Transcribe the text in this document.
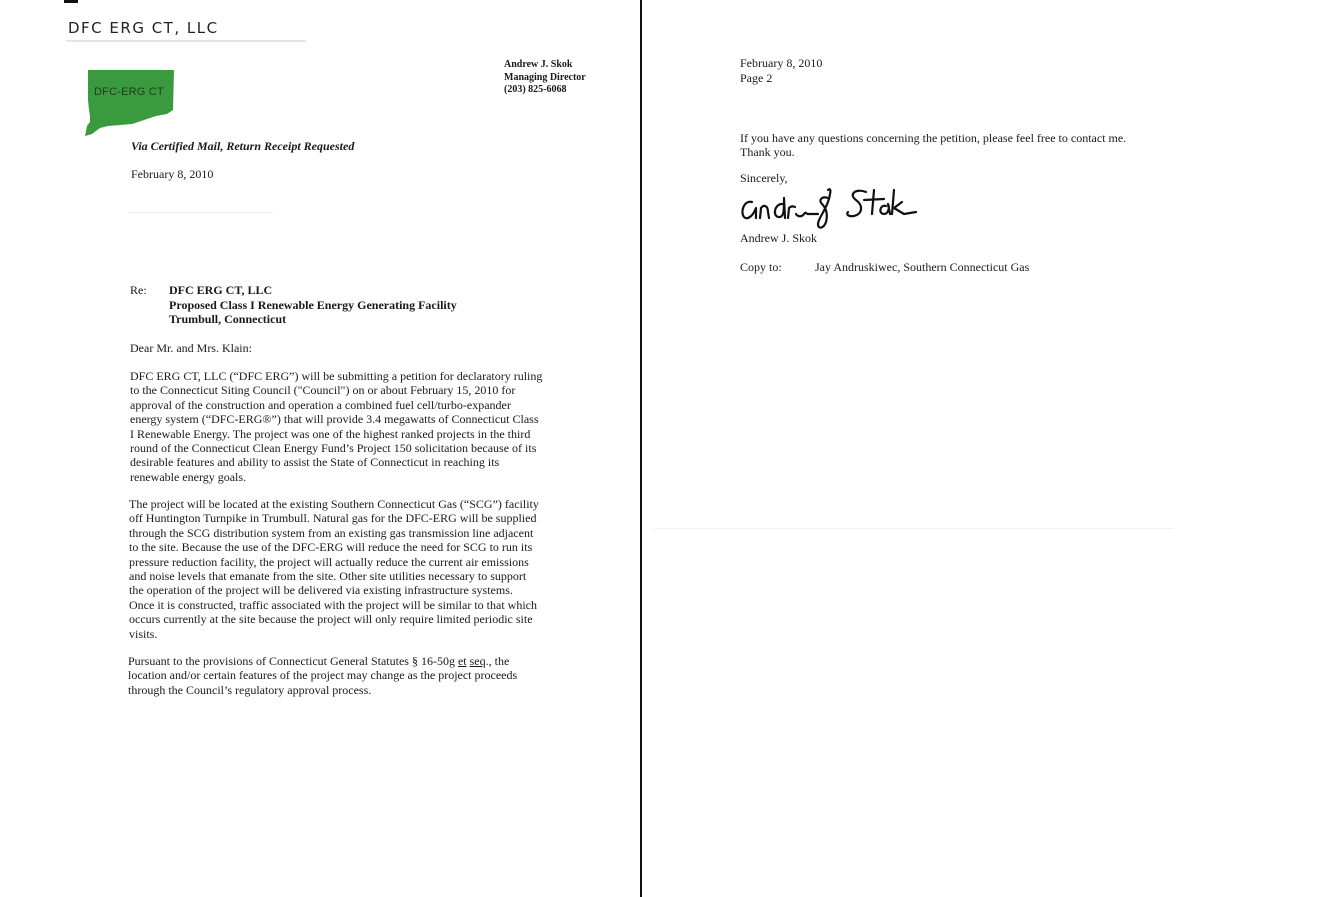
DFC ERG CT, LLC
DFC-ERG CT
Andrew J. Skok
Managing Director
(203) 825-6068
Via Certified Mail, Return Receipt Requested
February 8, 2010
Re: DFC ERG CT, LLC
Proposed Class I Renewable Energy Generating Facility
Trumbull, Connecticut
Dear Mr. and Mrs. Klain:
DFC ERG CT, LLC (“DFC ERG”) will be submitting a petition for declaratory ruling
to the Connecticut Siting Council ("Council") on or about February 15, 2010 for
approval of the construction and operation a combined fuel cell/turbo-expander
energy system (“DFC-ERG®”) that will provide 3.4 megawatts of Connecticut Class
I Renewable Energy. The project was one of the highest ranked projects in the third
round of the Connecticut Clean Energy Fund’s Project 150 solicitation because of its
desirable features and ability to assist the State of Connecticut in reaching its
renewable energy goals.
The project will be located at the existing Southern Connecticut Gas (“SCG”) facility
off Huntington Turnpike in Trumbull. Natural gas for the DFC-ERG will be supplied
through the SCG distribution system from an existing gas transmission line adjacent
to the site. Because the use of the DFC-ERG will reduce the need for SCG to run its
pressure reduction facility, the project will actually reduce the current air emissions
and noise levels that emanate from the site. Other site utilities necessary to support
the operation of the project will be delivered via existing infrastructure systems.
Once it is constructed, traffic associated with the project will be similar to that which
occurs currently at the site because the project will only require limited periodic site
visits.
Pursuant to the provisions of Connecticut General Statutes § 16-50g et seq., the
location and/or certain features of the project may change as the project proceeds
through the Council’s regulatory approval process.
February 8, 2010
Page 2
If you have any questions concerning the petition, please feel free to contact me.
Thank you.
Sincerely,
Andrew J. Skok
Copy to:	Jay Andruskiwec, Southern Connecticut Gas
